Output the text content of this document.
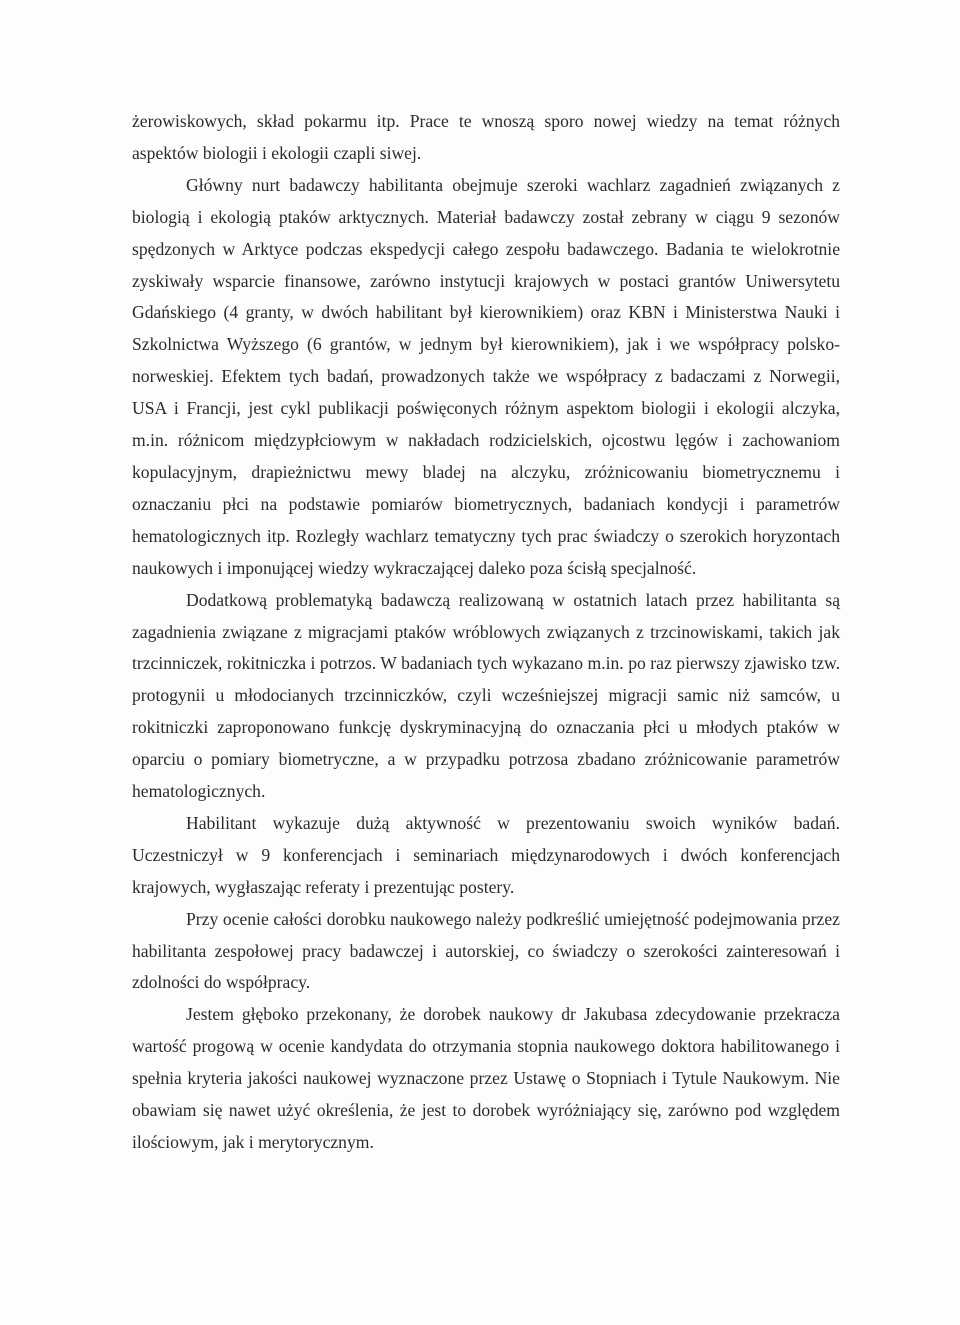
żerowiskowych, skład pokarmu itp. Prace te wnoszą sporo nowej wiedzy na temat różnych aspektów biologii i ekologii czapli siwej.

Główny nurt badawczy habilitanta obejmuje szeroki wachlarz zagadnień związanych z biologią i ekologią ptaków arktycznych. Materiał badawczy został zebrany w ciągu 9 sezonów spędzonych w Arktyce podczas ekspedycji całego zespołu badawczego. Badania te wielokrotnie zyskiwały wsparcie finansowe, zarówno instytucji krajowych w postaci grantów Uniwersytetu Gdańskiego (4 granty, w dwóch habilitant był kierownikiem) oraz KBN i Ministerstwa Nauki i Szkolnictwa Wyższego (6 grantów, w jednym był kierownikiem), jak i we współpracy polsko-norweskiej. Efektem tych badań, prowadzonych także we współpracy z badaczami z Norwegii, USA i Francji, jest cykl publikacji poświęconych różnym aspektom biologii i ekologii alczyka, m.in. różnicom międzypłciowym w nakładach rodzicielskich, ojcostwu lęgów i zachowaniom kopulacyjnym, drapieżnictwu mewy bladej na alczyku, zróżnicowaniu biometrycznemu i oznaczaniu płci na podstawie pomiarów biometrycznych, badaniach kondycji i parametrów hematologicznych itp. Rozległy wachlarz tematyczny tych prac świadczy o szerokich horyzontach naukowych i imponującej wiedzy wykraczającej daleko poza ścisłą specjalność.

Dodatkową problematyką badawczą realizowaną w ostatnich latach przez habilitanta są zagadnienia związane z migracjami ptaków wróblowych związanych z trzcinowiskami, takich jak trzcinniczek, rokitniczka i potrzos. W badaniach tych wykazano m.in. po raz pierwszy zjawisko tzw. protogynii u młodocianych trzcinniczków, czyli wcześniejszej migracji samic niż samców, u rokitniczki zaproponowano funkcję dyskryminacyjną do oznaczania płci u młodych ptaków w oparciu o pomiary biometryczne, a w przypadku potrzosa zbadano zróżnicowanie parametrów hematologicznych.

Habilitant wykazuje dużą aktywność w prezentowaniu swoich wyników badań. Uczestniczył w 9 konferencjach i seminariach międzynarodowych i dwóch konferencjach krajowych, wygłaszając referaty i prezentując postery.

Przy ocenie całości dorobku naukowego należy podkreślić umiejętność podejmowania przez habilitanta zespołowej pracy badawczej i autorskiej, co świadczy o szerokości zainteresowań i zdolności do współpracy.

Jestem głęboko przekonany, że dorobek naukowy dr Jakubasa zdecydowanie przekracza wartość progową w ocenie kandydata do otrzymania stopnia naukowego doktora habilitowanego i spełnia kryteria jakości naukowej wyznaczone przez Ustawę o Stopniach i Tytule Naukowym. Nie obawiam się nawet użyć określenia, że jest to dorobek wyróżniający się, zarówno pod względem ilościowym, jak i merytorycznym.
